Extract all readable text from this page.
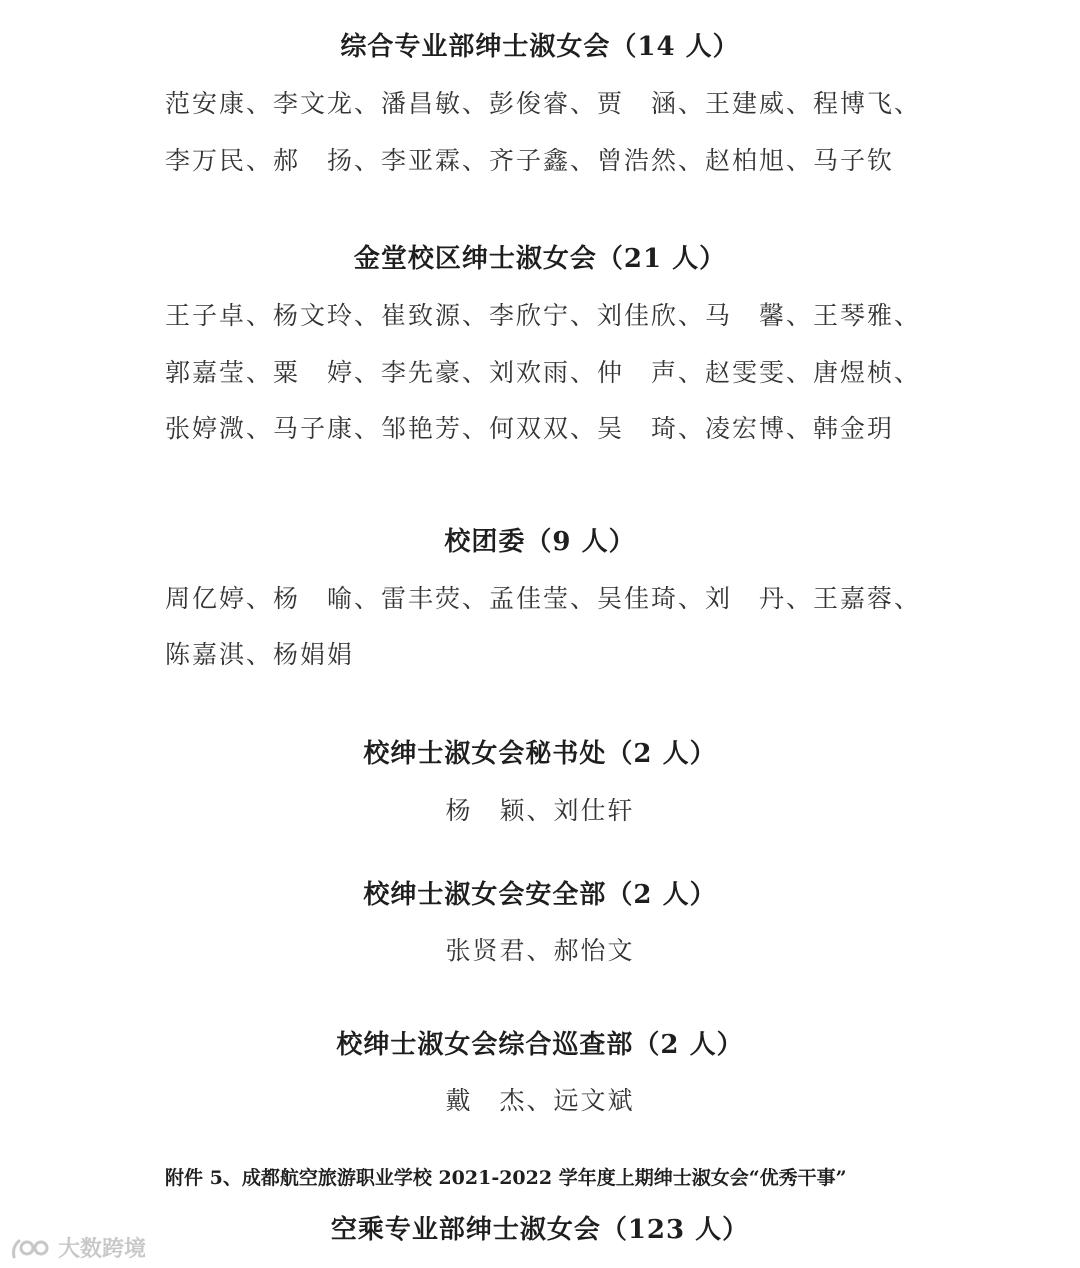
综合专业部绅士淑女会（14 人）
范安康、李文龙、潘昌敏、彭俊睿、贾　涵、王建威、程博飞、
李万民、郝　扬、李亚霖、齐子鑫、曾浩然、赵柏旭、马子钦
金堂校区绅士淑女会（21 人）
王子卓、杨文玲、崔致源、李欣宁、刘佳欣、马　馨、王琴雅、
郭嘉莹、粟　婷、李先豪、刘欢雨、仲　声、赵雯雯、唐煜桢、
张婷溦、马子康、邹艳芳、何双双、吴　琦、凌宏博、韩金玥
校团委（9 人）
周亿婷、杨　喻、雷丰荧、孟佳莹、吴佳琦、刘　丹、王嘉蓉、
陈嘉淇、杨娟娟
校绅士淑女会秘书处（2 人）
杨　颖、刘仕轩
校绅士淑女会安全部（2 人）
张贤君、郝怡文
校绅士淑女会综合巡查部（2 人）
戴　杰、远文斌
附件 5、成都航空旅游职业学校 2021-2022 学年度上期绅士淑女会“优秀干事”
空乘专业部绅士淑女会（123 人）
大数跨境
